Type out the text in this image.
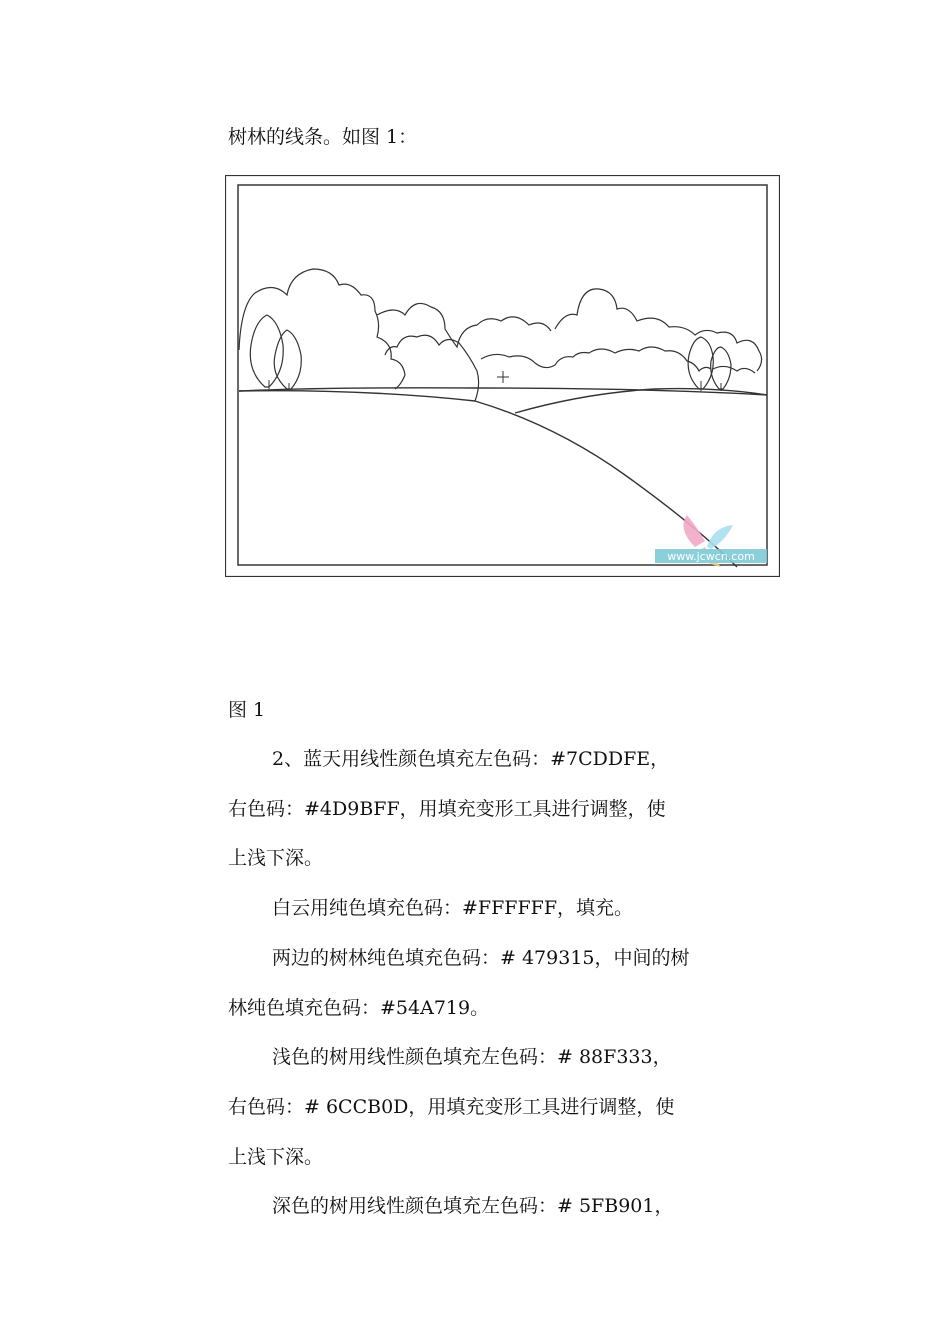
树林的线条。如图 1：

www.jcwcn.com

图 1

2、蓝天用线性颜色填充左色码：#7CDDFE，

右色码：#4D9BFF，用填充变形工具进行调整，使

上浅下深。

白云用纯色填充色码：#FFFFFF，填充。

两边的树林纯色填充色码：# 479315，中间的树

林纯色填充色码：#54A719。

浅色的树用线性颜色填充左色码：# 88F333，

右色码：# 6CCB0D，用填充变形工具进行调整，使

上浅下深。

深色的树用线性颜色填充左色码：# 5FB901，
